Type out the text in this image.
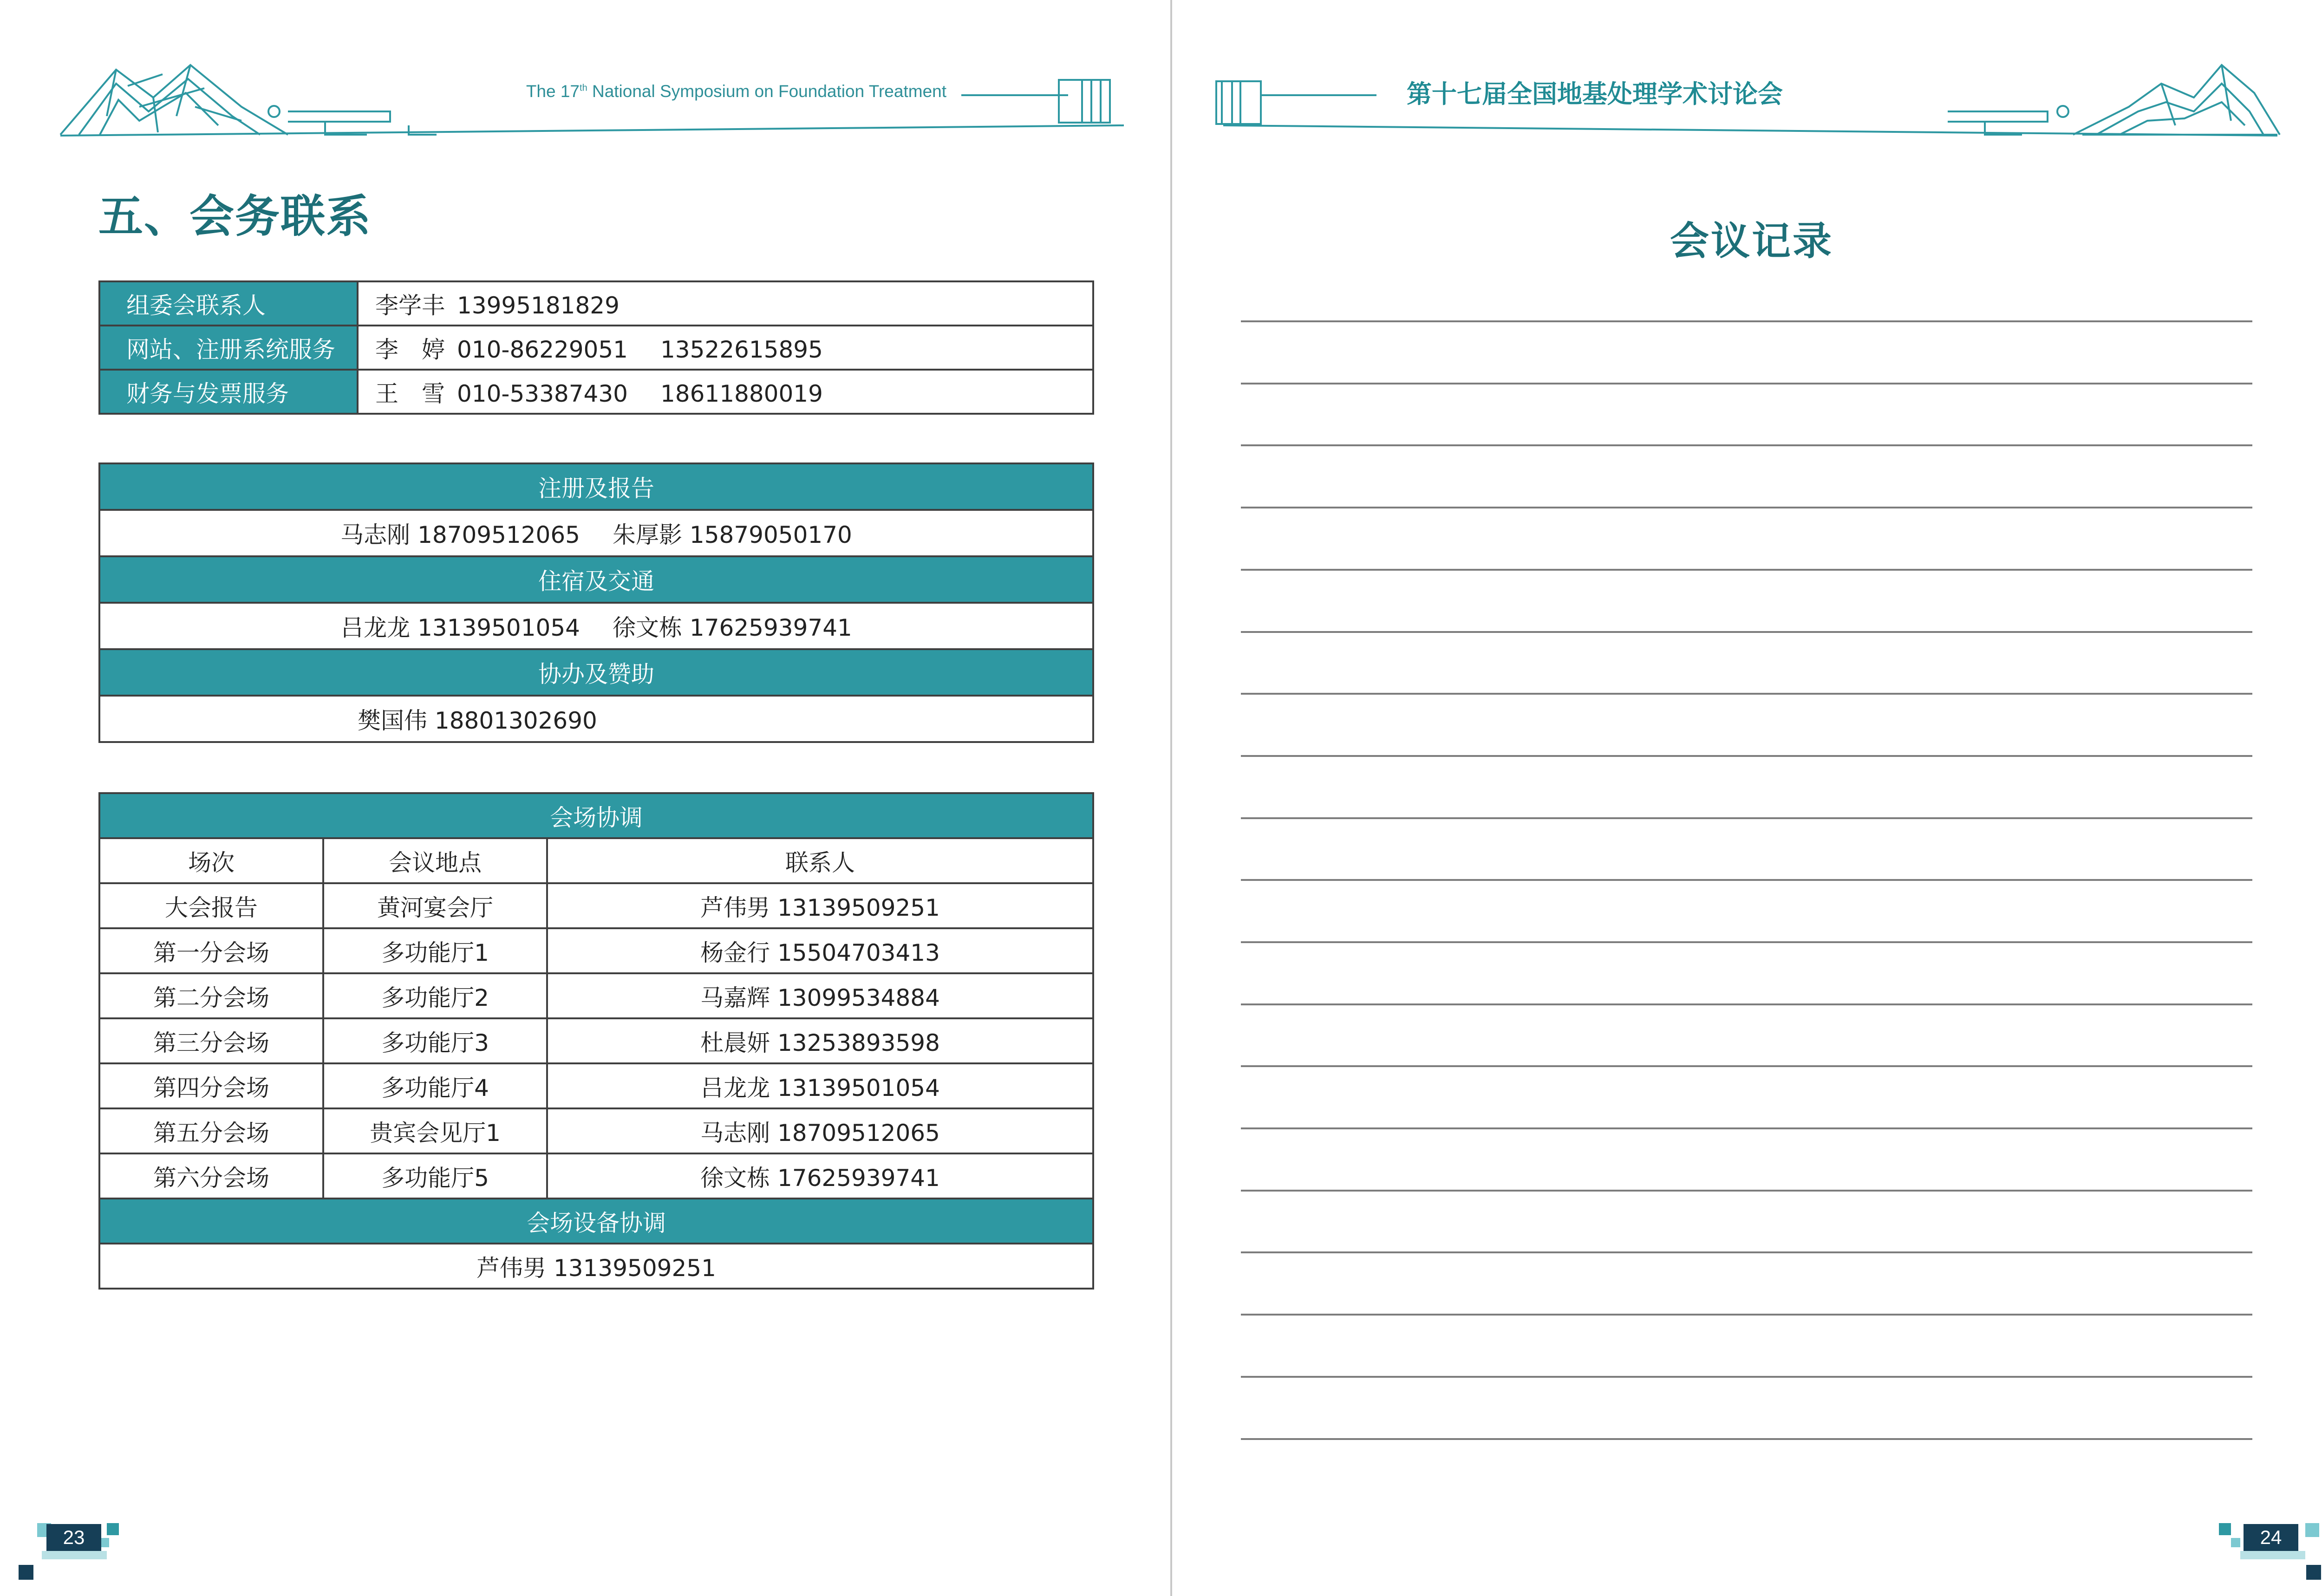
The 17th National Symposium on Foundation Treatment
五、会务联系
组委会联系人	李学丰 13995181829
网站、注册系统服务	李　婷 010-86229051 13522615895
财务与发票服务	王　雪 010-53387430 18611880019
注册及报告
马志刚 18709512065 朱厚影 15879050170
住宿及交通
吕龙龙 13139501054 徐文栋 17625939741
协办及赞助
樊国伟 18801302690
会场协调		
场次	会议地点	联系人
大会报告	黄河宴会厅	芦伟男 13139509251
第一分会场	多功能厅1	杨金行 15504703413
第二分会场	多功能厅2	马嘉辉 13099534884
第三分会场	多功能厅3	杜晨妍 13253893598
第四分会场	多功能厅4	吕龙龙 13139501054
第五分会场	贵宾会见厅1	马志刚 18709512065
第六分会场	多功能厅5	徐文栋 17625939741
会场设备协调		
芦伟男 13139509251		
23
第十七届全国地基处理学术讨论会
会议记录
24
